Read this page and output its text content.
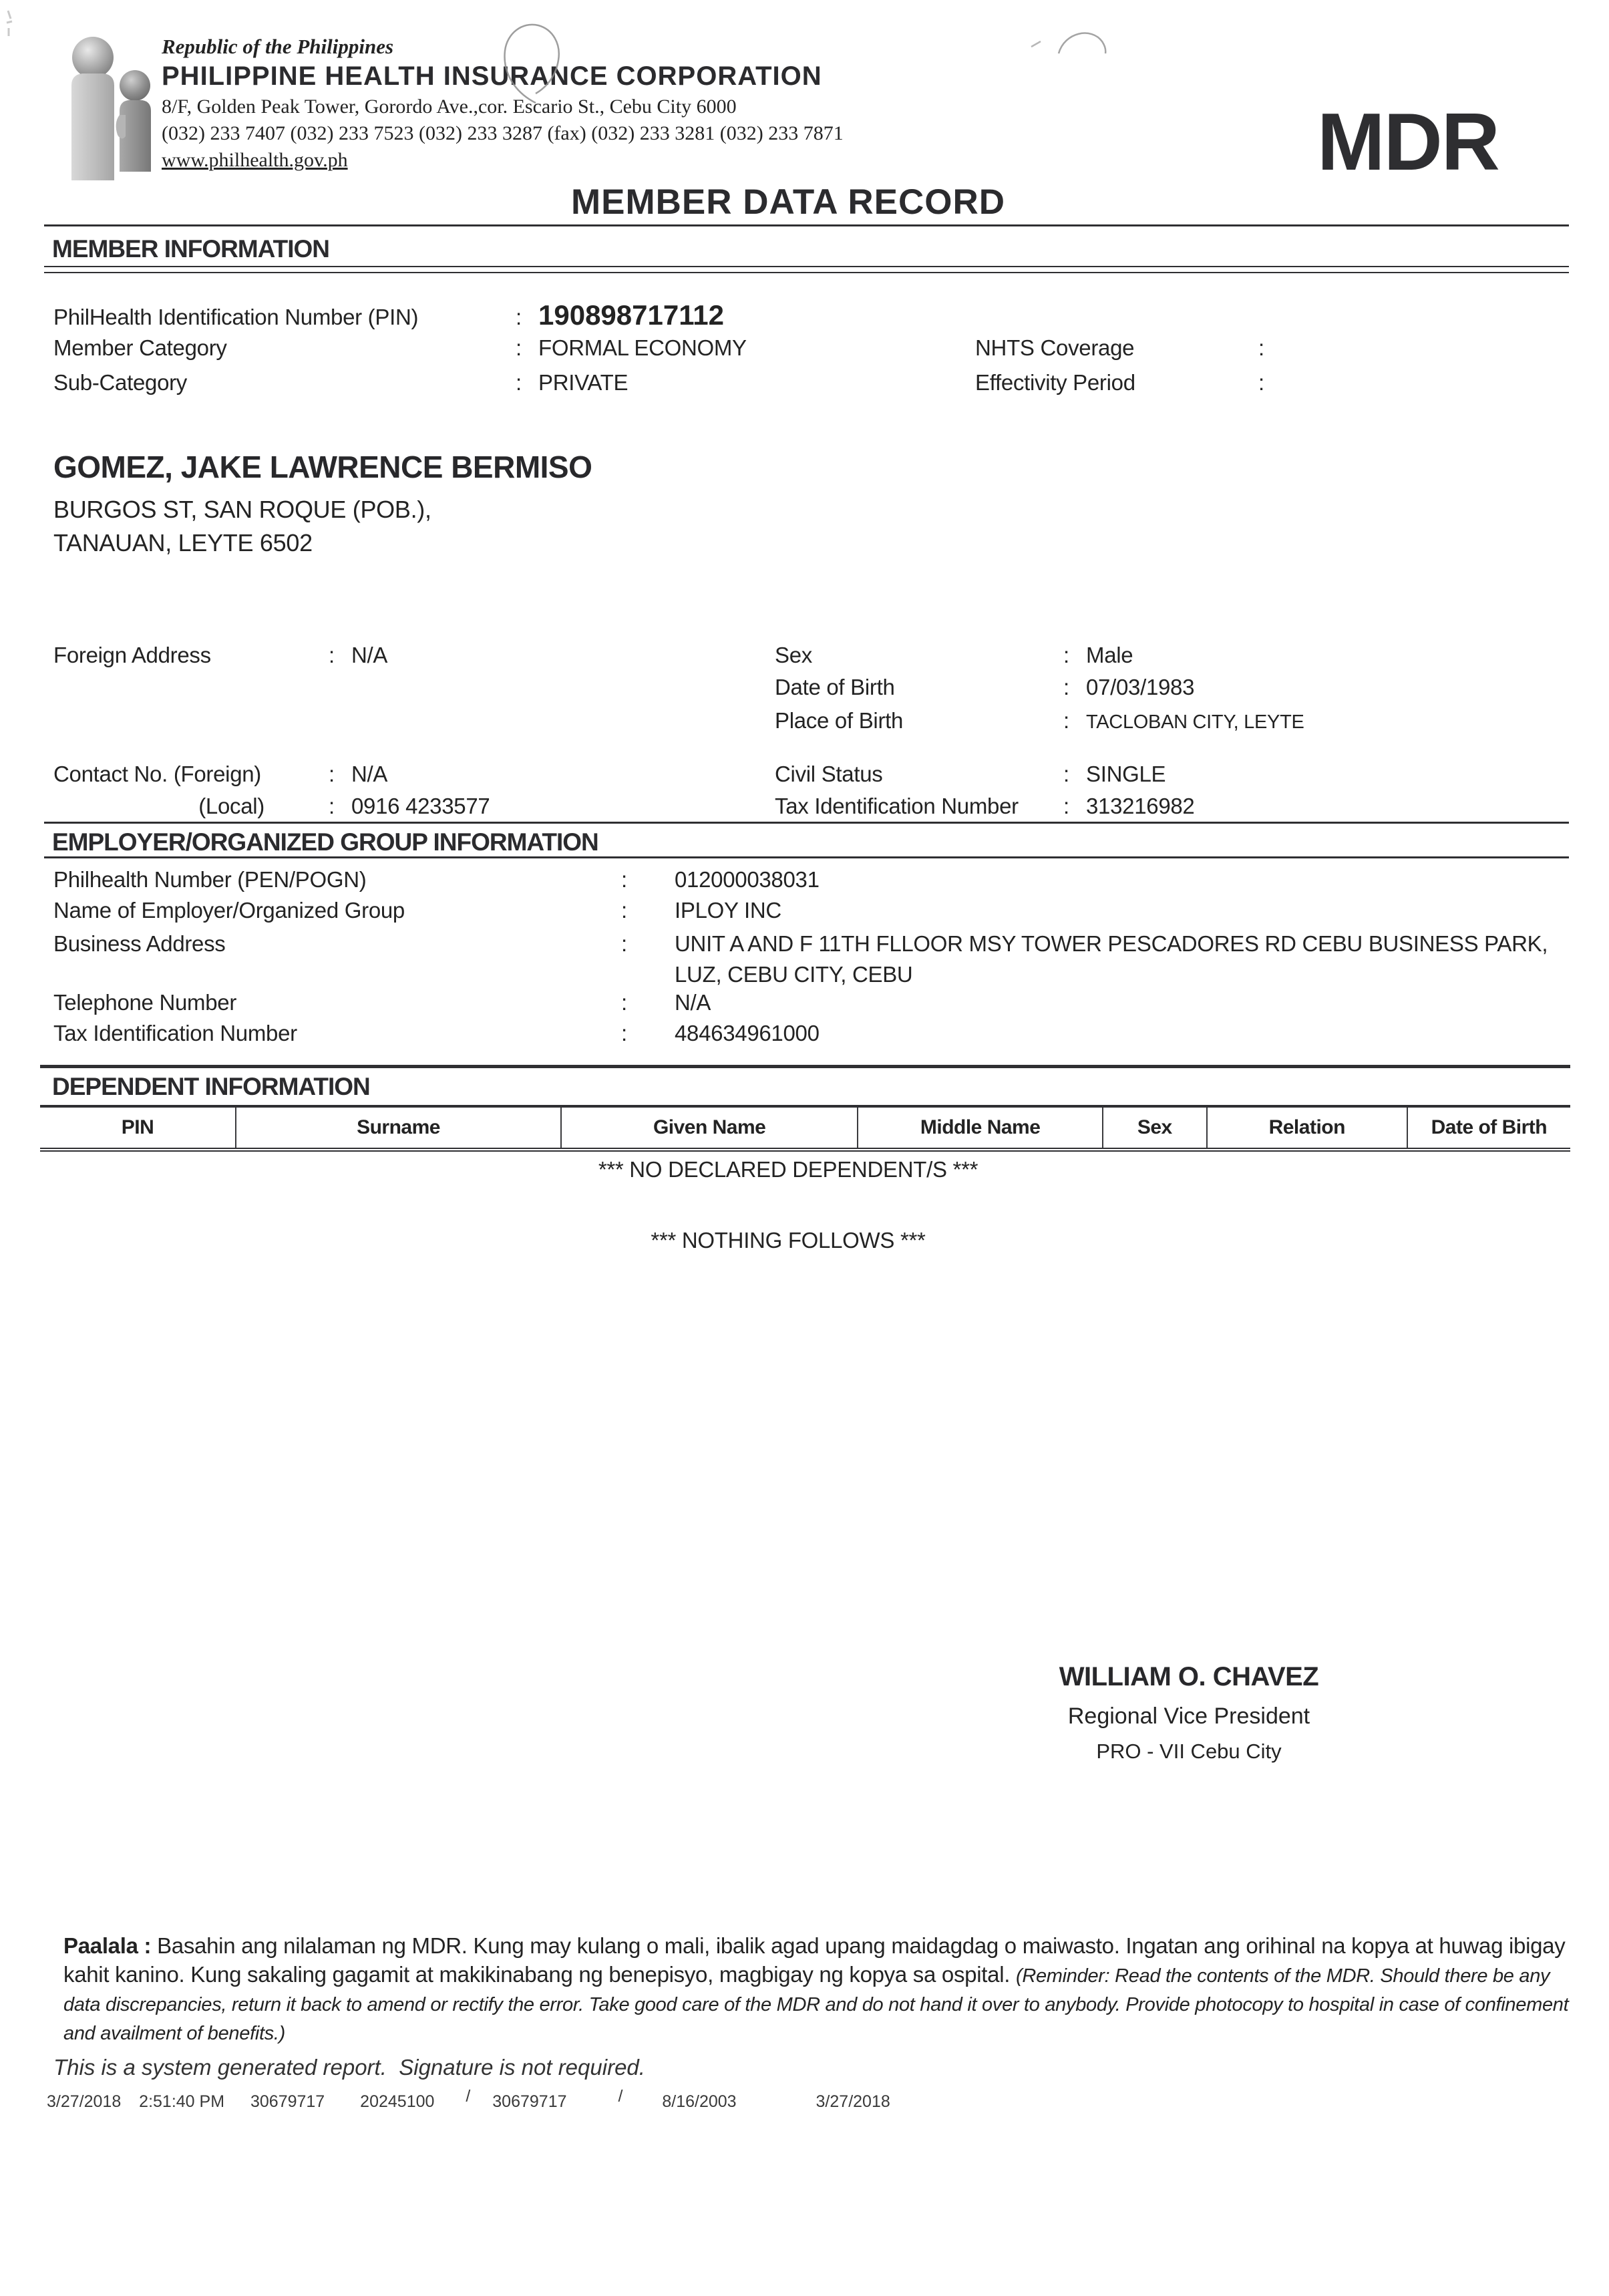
Republic of the Philippines
PHILIPPINE HEALTH INSURANCE CORPORATION
8/F, Golden Peak Tower, Gorordo Ave.,cor. Escario St., Cebu City 6000
(032) 233 7407 (032) 233 7523 (032) 233 3287 (fax) (032) 233 3281 (032) 233 7871
www.philhealth.gov.ph	MDR
MEMBER DATA RECORD
MEMBER INFORMATION
PhilHealth Identification Number (PIN)	: 190898717112
Member Category	: FORMAL ECONOMY
Sub-Category	: PRIVATE
NHTS Coverage	:
Effectivity Period	:
GOMEZ, JAKE LAWRENCE BERMISO
BURGOS ST, SAN ROQUE (POB.),
TANAUAN, LEYTE 6502
Foreign Address	: N/A	Sex	: Male
Date of Birth	: 07/03/1983
Place of Birth	: TACLOBAN CITY, LEYTE
Contact No. (Foreign)	: N/A	Civil Status	: SINGLE
(Local)	: 0916 4233577	Tax Identification Number	: 313216982
EMPLOYER/ORGANIZED GROUP INFORMATION
Philhealth Number (PEN/POGN)	:	012000038031
Name of Employer/Organized Group	:	IPLOY INC
Business Address	:	UNIT A AND F 11TH FLLOOR MSY TOWER PESCADORES RD CEBU BUSINESS PARK, LUZ, CEBU CITY, CEBU
Telephone Number	:	N/A
Tax Identification Number	:	484634961000
DEPENDENT INFORMATION
PIN	Surname	Given Name	Middle Name	Sex	Relation	Date of Birth
*** NO DECLARED DEPENDENT/S ***
*** NOTHING FOLLOWS ***
WILLIAM O. CHAVEZ
Regional Vice President
PRO - VII Cebu City
Paalala : Basahin ang nilalaman ng MDR. Kung may kulang o mali, ibalik agad upang maidagdag o maiwasto. Ingatan ang orihinal na kopya at huwag ibigay kahit kanino. Kung sakaling gagamit at makikinabang ng benepisyo, magbigay ng kopya sa ospital. (Reminder: Read the contents of the MDR. Should there be any data discrepancies, return it back to amend or rectify the error. Take good care of the MDR and do not hand it over to anybody. Provide photocopy to hospital in case of confinement and availment of benefits.)
This is a system generated report.  Signature is not required.
3/27/2018 2:51:40 PM 30679717 20245100 / 30679717	/ 8/16/2003	3/27/2018
